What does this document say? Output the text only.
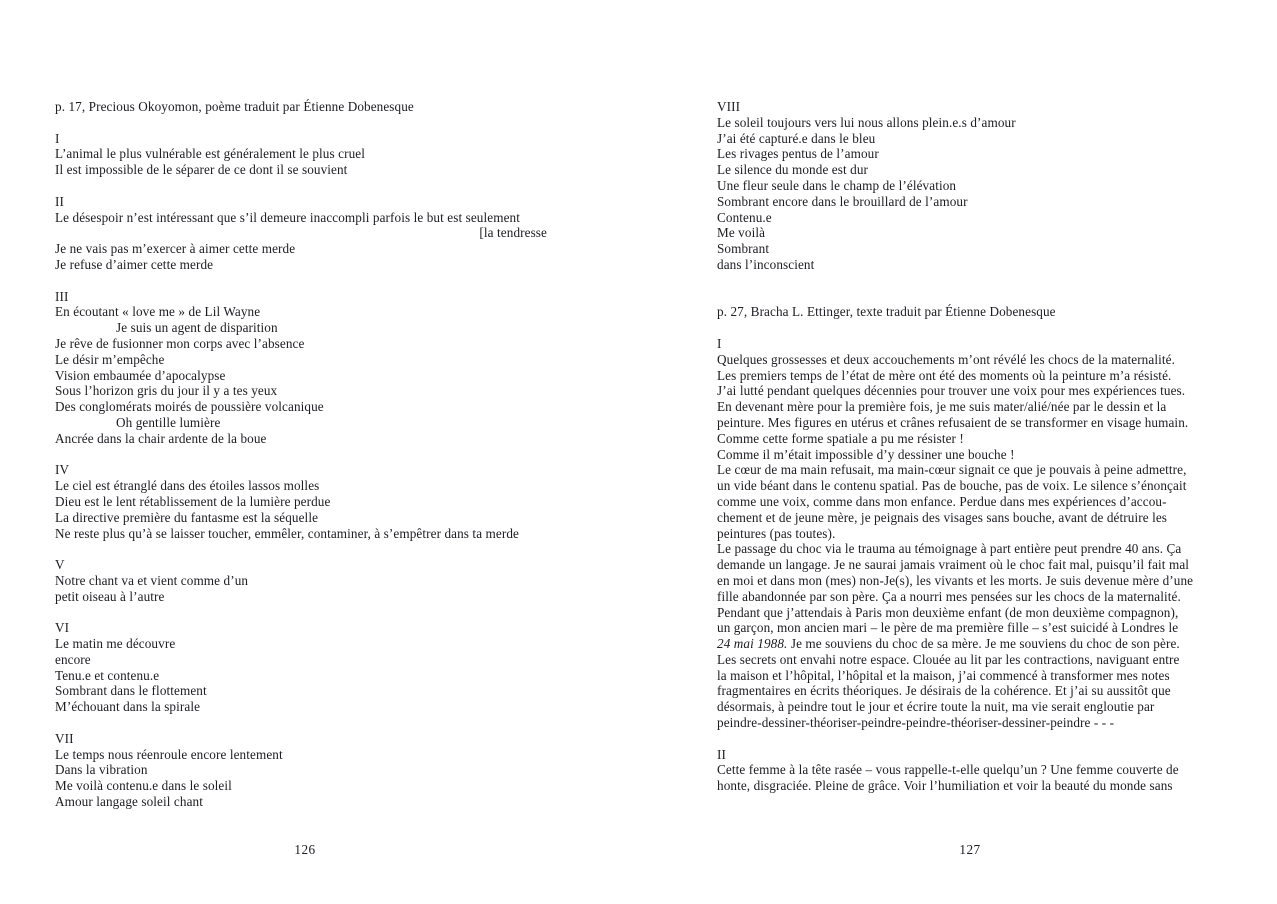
p. 17, Precious Okoyomon, poème traduit par Étienne Dobenesque
I
L’animal le plus vulnérable est généralement le plus cruel
Il est impossible de le séparer de ce dont il se souvient
II
Le désespoir n’est intéressant que s’il demeure inaccompli parfois le but est seulement
[la tendresse
Je ne vais pas m’exercer à aimer cette merde
Je refuse d’aimer cette merde
III
En écoutant « love me » de Lil Wayne
Je suis un agent de disparition
Je rêve de fusionner mon corps avec l’absence
Le désir m’empêche
Vision embaumée d’apocalypse
Sous l’horizon gris du jour il y a tes yeux
Des conglomérats moirés de poussière volcanique
Oh gentille lumière
Ancrée dans la chair ardente de la boue
IV
Le ciel est étranglé dans des étoiles lassos molles
Dieu est le lent rétablissement de la lumière perdue
La directive première du fantasme est la séquelle
Ne reste plus qu’à se laisser toucher, emmêler, contaminer, à s’empêtrer dans ta merde
V
Notre chant va et vient comme d’un
petit oiseau à l’autre
VI
Le matin me découvre
encore
Tenu.e et contenu.e
Sombrant dans le flottement
M’échouant dans la spirale
VII
Le temps nous réenroule encore lentement
Dans la vibration
Me voilà contenu.e dans le soleil
Amour langage soleil chant
VIII
Le soleil toujours vers lui nous allons plein.e.s d’amour
J’ai été capturé.e dans le bleu
Les rivages pentus de l’amour
Le silence du monde est dur
Une fleur seule dans le champ de l’élévation
Sombrant encore dans le brouillard de l’amour
Contenu.e
Me voilà
Sombrant
dans l’inconscient
p. 27, Bracha L. Ettinger, texte traduit par Étienne Dobenesque
I
Quelques grossesses et deux accouchements m’ont révélé les chocs de la maternalité.
Les premiers temps de l’état de mère ont été des moments où la peinture m’a résisté.
J’ai lutté pendant quelques décennies pour trouver une voix pour mes expériences tues.
En devenant mère pour la première fois, je me suis mater/alié/née par le dessin et la
peinture. Mes figures en utérus et crânes refusaient de se transformer en visage humain.
Comme cette forme spatiale a pu me résister !
Comme il m’était impossible d’y dessiner une bouche !
Le cœur de ma main refusait, ma main-cœur signait ce que je pouvais à peine admettre,
un vide béant dans le contenu spatial. Pas de bouche, pas de voix. Le silence s’énonçait
comme une voix, comme dans mon enfance. Perdue dans mes expériences d’accou-
chement et de jeune mère, je peignais des visages sans bouche, avant de détruire les
peintures (pas toutes).
Le passage du choc via le trauma au témoignage à part entière peut prendre 40 ans. Ça
demande un langage. Je ne saurai jamais vraiment où le choc fait mal, puisqu’il fait mal
en moi et dans mon (mes) non-Je(s), les vivants et les morts. Je suis devenue mère d’une
fille abandonnée par son père. Ça a nourri mes pensées sur les chocs de la maternalité.
Pendant que j’attendais à Paris mon deuxième enfant (de mon deuxième compagnon),
un garçon, mon ancien mari – le père de ma première fille – s’est suicidé à Londres le
24 mai 1988. Je me souviens du choc de sa mère. Je me souviens du choc de son père.
Les secrets ont envahi notre espace. Clouée au lit par les contractions, naviguant entre
la maison et l’hôpital, l’hôpital et la maison, j’ai commencé à transformer mes notes
fragmentaires en écrits théoriques. Je désirais de la cohérence. Et j’ai su aussitôt que
désormais, à peindre tout le jour et écrire toute la nuit, ma vie serait engloutie par
peindre-dessiner-théoriser-peindre-peindre-théoriser-dessiner-peindre - - -
II
Cette femme à la tête rasée – vous rappelle-t-elle quelqu’un ? Une femme couverte de
honte, disgraciée. Pleine de grâce. Voir l’humiliation et voir la beauté du monde sans
126	127
